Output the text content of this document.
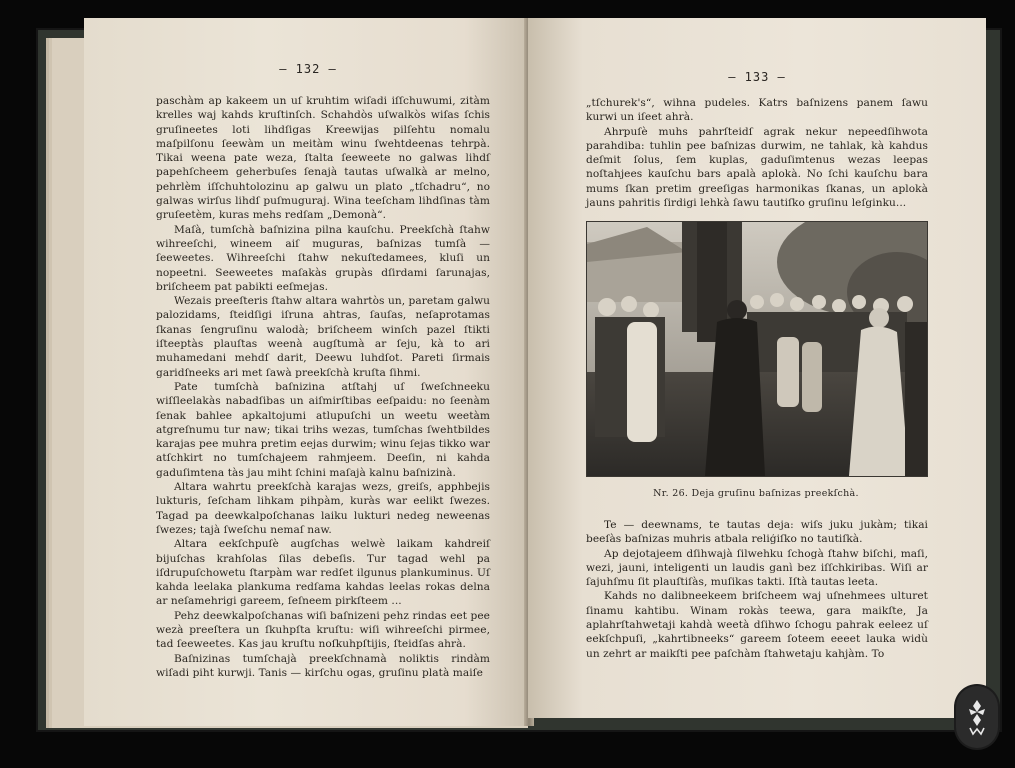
— 132 —

paschàm ap kakeem un uſ kruhtim wiſadi iſſchuwumi, zitàm krelles waj kahds kruſtinſch. Schahdòs uſwalkòs wiſas ſchis gruſineetes loti lihdſigas Kreewijas pilſehtu nomalu maſpilſonu ſeewàm un meitàm winu ſwehtdeenas tehrpà. Tikai weena pate weza, ſtalta ſeeweete no galwas lihdſ papehſcheem geherbuſes ſenajà tautas uſwalkà ar melno, pehrlèm iſſchuhtolozinu ap galwu un plato „tſchadru“, no galwas wirſus lihdſ puſmuguraj. Wina teeſcham lihdſinas tàm gruſeetèm, kuras mehs redſam „Demonà“.

Maſà, tumſchà baſnizina pilna kauſchu. Preekſchà ſtahw wihreeſchi, wineem aiſ muguras, baſnizas tumſà — ſeeweetes. Wihreeſchi ſtahw nekuſtedamees, kluſi un nopeetni. Seeweetes maſakàs grupàs dſirdami ſarunajas, briſcheem pat pabikti eeſmejas.

Wezais preeſteris ſtahw altara wahrtòs un, paretam galwu palozidams, ſteidſigi iſruna ahtras, ſauſas, neſaprotamas ſkanas ſengruſinu walodà; briſcheem winſch pazel ſtikti iſteeptàs plauſtas weenà augſtumà ar ſeju, kà to ari muhamedani mehdſ darit, Deewu luhdſot. Pareti ſirmais garidſneeks ari met ſawà preekſchà kruſta ſihmi.

Pate tumſchà baſnizina atſtahj uſ ſweſchneeku wiſſleelakàs nabadſibas un aiſmirſtibas eeſpaidu: no ſeenàm ſenak bahlee apkaltojumi atlupuſchi un weetu weetàm atgreſnumu tur naw; tikai trihs wezas, tumſchas ſwehtbildes karajas pee muhra pretim eejas durwim; winu ſejas tikko war atſchkirt no tumſchajeem rahmjeem. Deeſin, ni kahda gaduſimtena tàs jau miht ſchini maſajà kalnu baſnizinà.

Altara wahrtu preekſchà karajas wezs, greiſs, apphbejis lukturis, ſeſcham lihkam pihpàm, kuràs war eelikt ſwezes. Tagad pa deewkalpoſchanas laiku lukturi nedeg neweenas ſwezes; tajà ſweſchu nemaſ naw.

Altara eekſchpuſè augſchas welwè laikam kahdreiſ bijuſchas krahſolas ſilas debeſis. Tur tagad wehl pa iſdrupuſchowetu ſtarpàm war redſet ilgunus plankuminus. Uſ kahda leelaka plankuma redſama kahdas leelas rokas delna ar neſamehrigi gareem, ſeſneem pirkſteem ...

Pehz deewkalpoſchanas wiſi baſnizeni pehz rindas eet pee wezà preeſtera un ſkuhpſta kruſtu: wiſi wihreeſchi pirmee, tad ſeeweetes. Kas jau kruſtu noſkuhpſtijis, ſteidſas ahrà.

Baſnizinas tumſchajà preekſchnamà noliktis rindàm wiſadi piht kurwji. Tanis — kirſchu ogas, gruſinu platà maiſe

— 133 —

„tſchurek's“, wihna pudeles. Katrs baſnizens panem ſawu kurwi un iſeet ahrà.

Ahrpuſè muhs pahrſteidſ agrak nekur nepeedſihwota parahdiba: tuhlin pee baſnizas durwim, ne tahlak, kà kahdus deſmit ſolus, ſem kuplas, gaduſimtenus wezas leepas noſtahjees kauſchu bars apalà aplokà. No ſchi kauſchu bara mums ſkan pretim greeſigas harmonikas ſkanas, un aplokà jauns pahritis ſirdigi lehkà ſawu tautiſko gruſinu leſginku...

Nr. 26. Deja gruſinu baſnizas preekſchà.

Te — deewnams, te tautas deja: wiſs juku jukàm; tikai beeſàs baſnizas muhris atbala reliģiſko no tautiſkà.

Ap dejotajeem dſihwajà ſilwehku ſchogà ſtahw biſchi, maſi, wezi, jauni, inteligenti un laudis ganì bez iſſchkiribas. Wiſi ar ſajuhſmu ſit plauſtiſàs, muſikas takti. Iſtà tautas leeta.

Kahds no dalibneekeem briſcheem waj uſnehmees ulturet ſinamu kahtibu. Winam rokàs teewa, gara maikſte, Ja aplahrſtahwetaji kahdà weetà dſihwo ſchogu pahrak eeleez uſ eekſchpuſi, „kahrtibneeks“ gareem ſoteem eeeet lauka widù un zehrt ar maikſti pee paſchàm ſtahwetaju kahjàm. To
